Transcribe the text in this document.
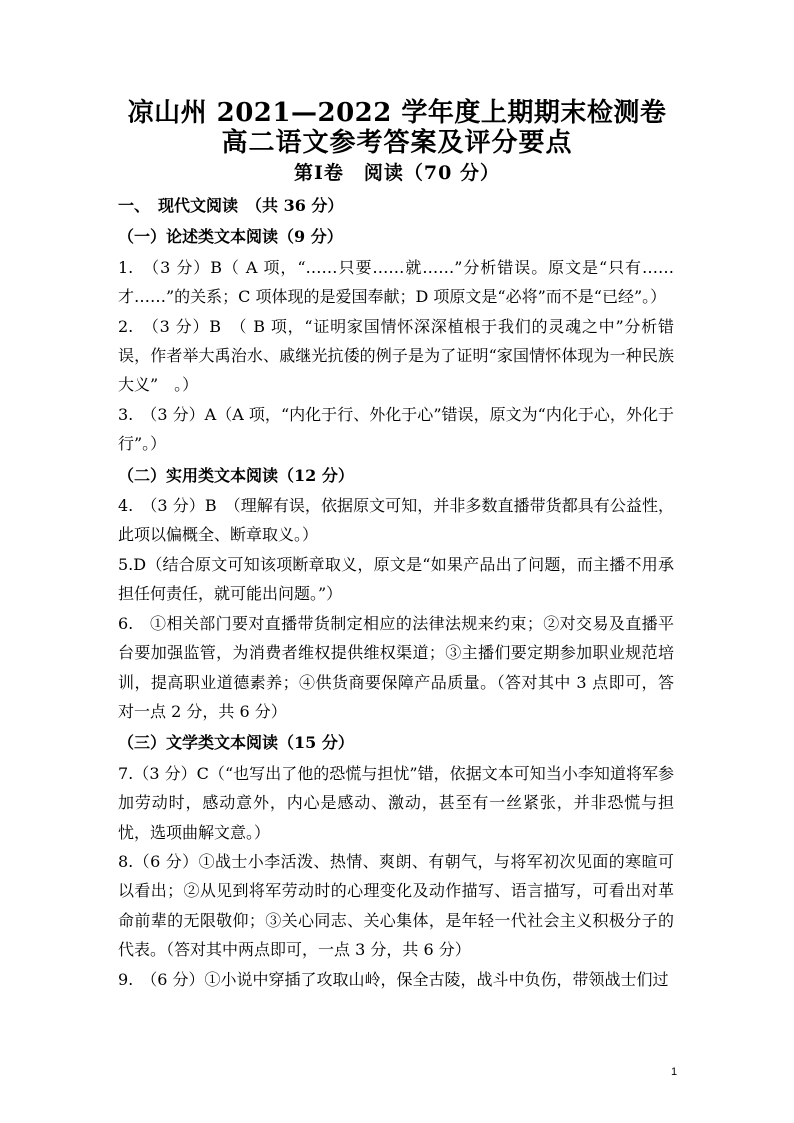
凉山州 2021—2022 学年度上期期末检测卷
高二语文参考答案及评分要点
第Ⅰ卷　阅读（70 分）

一、　现代文阅读　（共 36 分）

（一）论述类文本阅读（9 分）

1.　（3 分）B（ A 项，“……只要……就……”分析错误。原文是“只有……才……”的关系；C 项体现的是爱国奉献；D 项原文是“必将”而不是“已经”。）

2.　（3 分）B　（ B 项，“证明家国情怀深深植根于我们的灵魂之中”分析错误，作者举大禹治水、戚继光抗倭的例子是为了证明“家国情怀体现为一种民族大义”　。）

3.　（3 分）A（A 项，“内化于行、外化于心”错误，原文为“内化于心，外化于行”。）

（二）实用类文本阅读（12 分）

4.　（3 分）B　（理解有误，依据原文可知，并非多数直播带货都具有公益性，此项以偏概全、断章取义。）

5.D（结合原文可知该项断章取义，原文是“如果产品出了问题，而主播不用承担任何责任，就可能出问题。”）

6.　①相关部门要对直播带货制定相应的法律法规来约束；②对交易及直播平台要加强监管，为消费者维权提供维权渠道；③主播们要定期参加职业规范培训，提高职业道德素养；④供货商要保障产品质量。（答对其中 3 点即可，答对一点 2 分，共 6 分）

（三）文学类文本阅读（15 分）

7.（3 分）C（“也写出了他的恐慌与担忧”错，依据文本可知当小李知道将军参加劳动时，感动意外，内心是感动、激动，甚至有一丝紧张，并非恐慌与担忧，选项曲解文意。）

8.（6 分）①战士小李活泼、热情、爽朗、有朝气，与将军初次见面的寒暄可以看出；②从见到将军劳动时的心理变化及动作描写、语言描写，可看出对革命前辈的无限敬仰；③关心同志、关心集体，是年轻一代社会主义积极分子的代表。（答对其中两点即可，一点 3 分，共 6 分）

9.　（6 分）①小说中穿插了攻取山岭，保全古陵，战斗中负伤，带领战士们过

1
